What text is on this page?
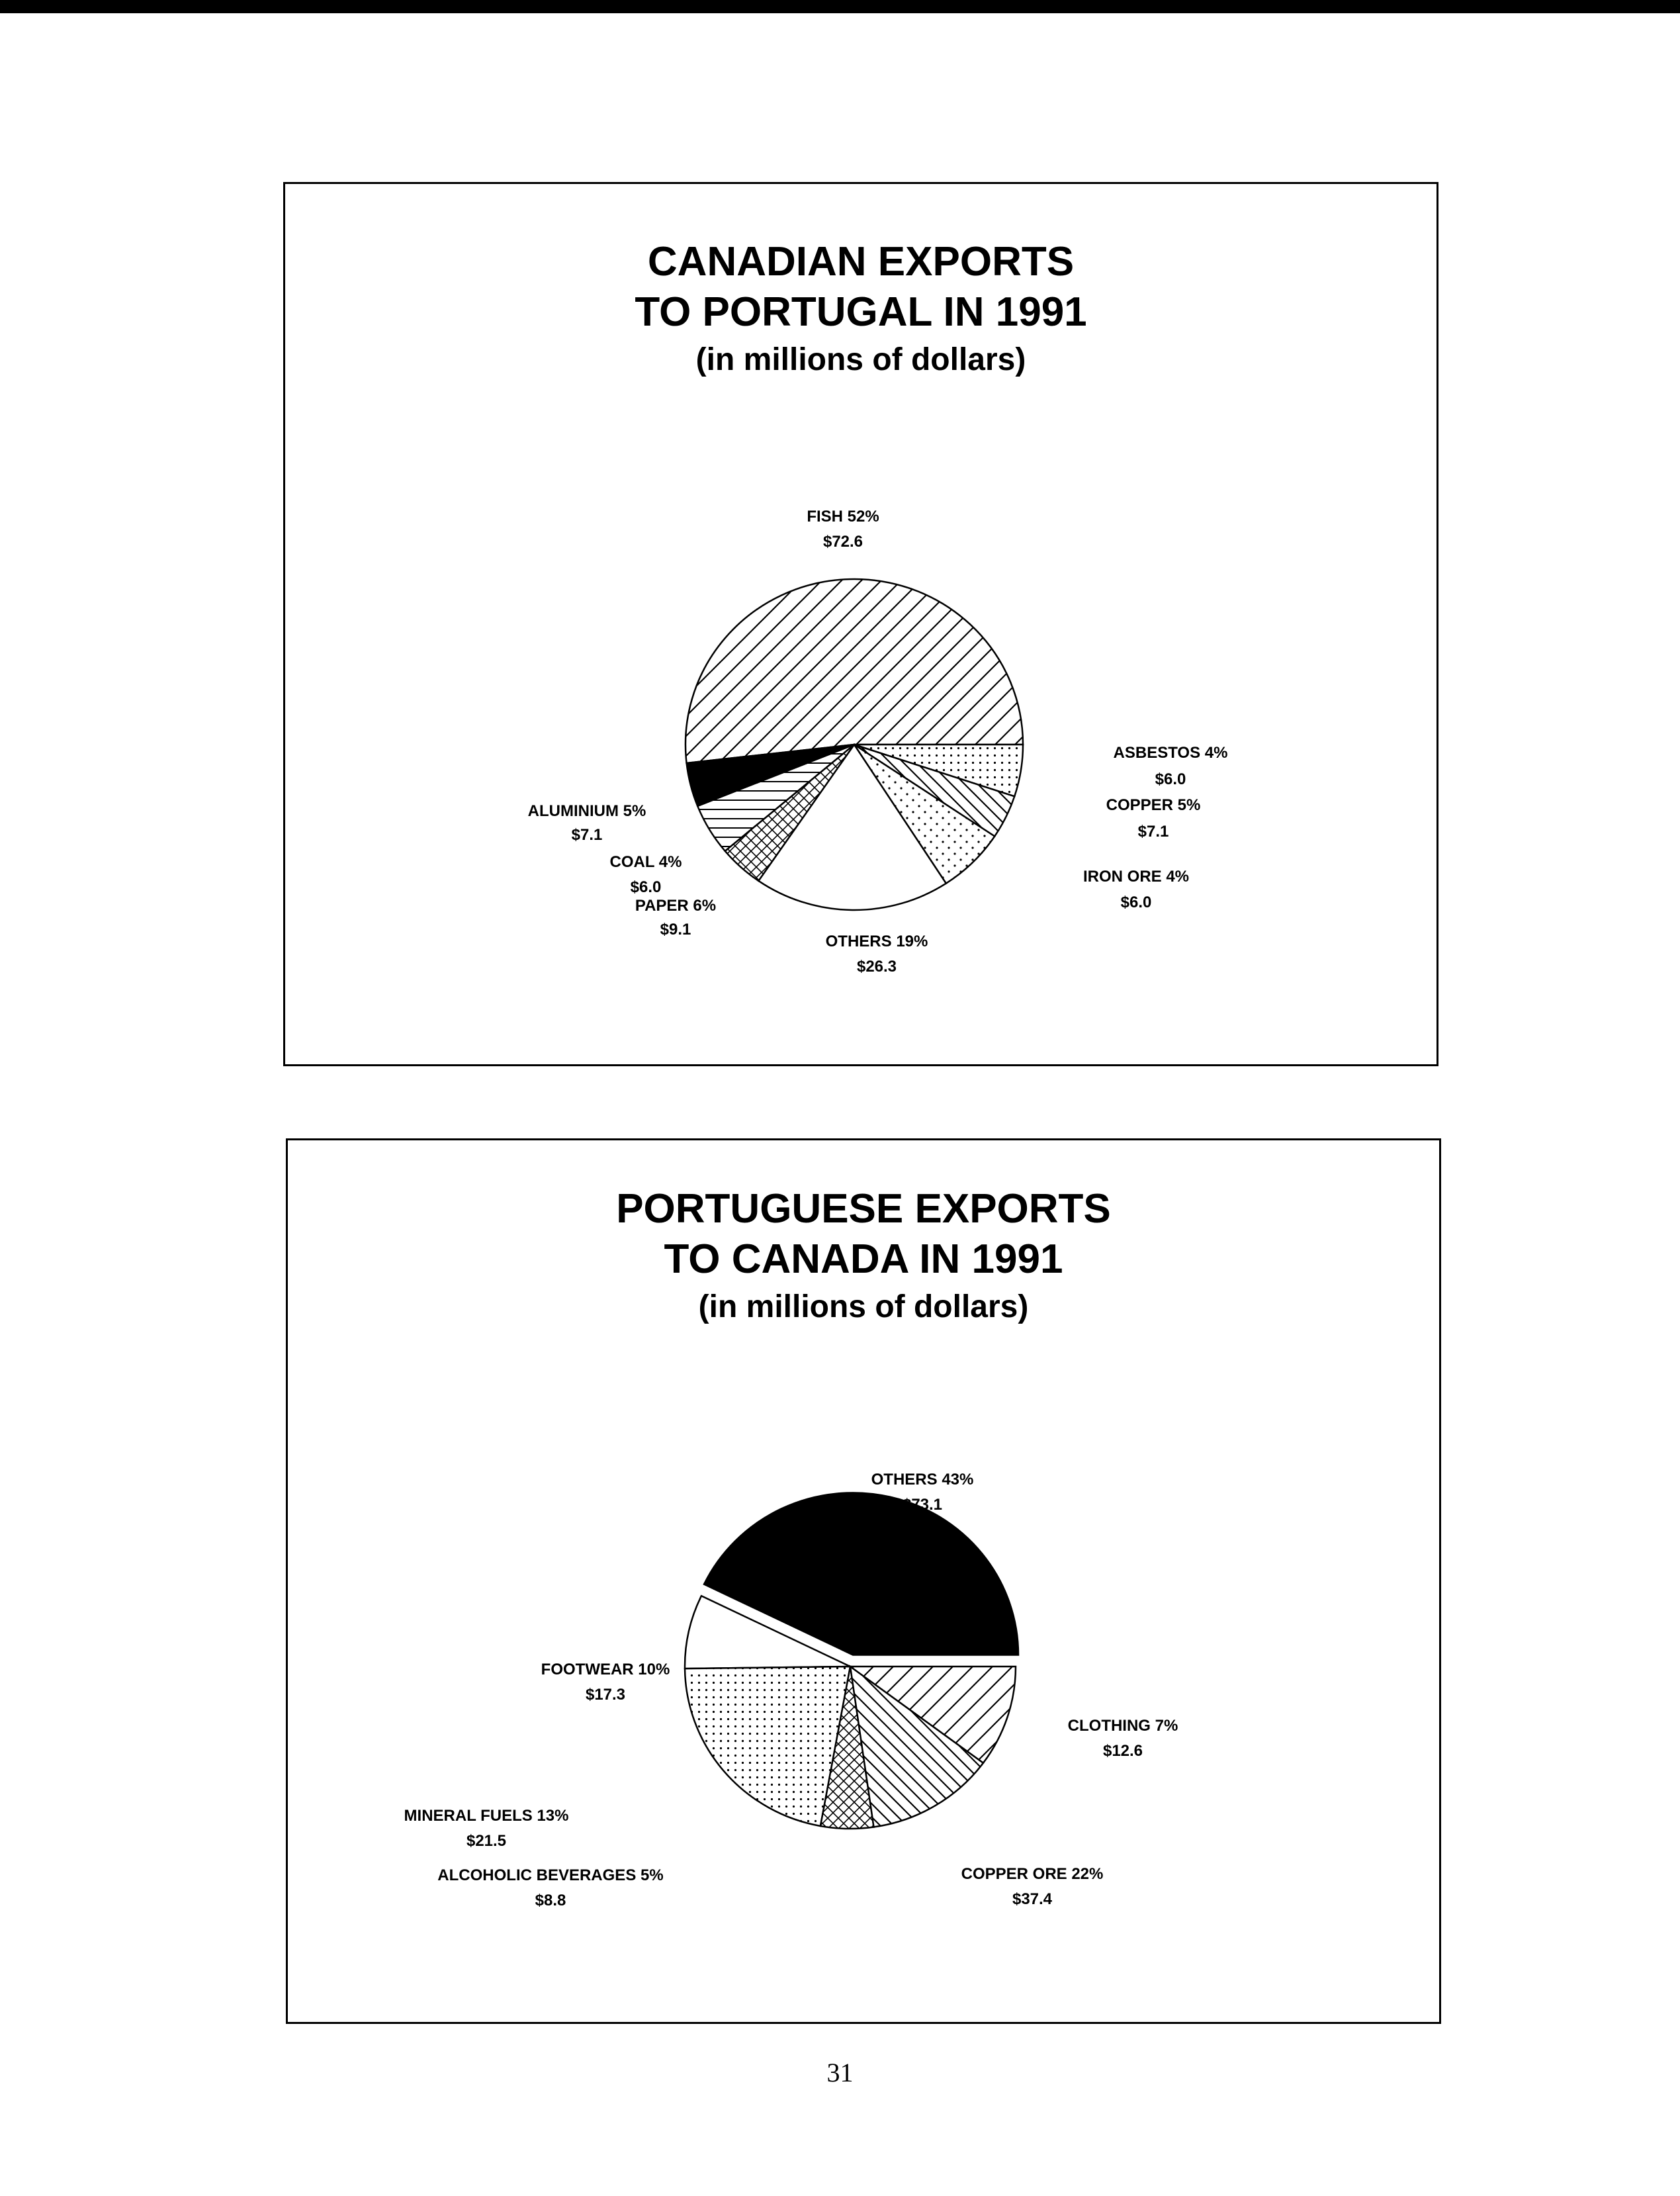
CANADIAN EXPORTS
TO PORTUGAL IN 1991
(in millions of dollars)
FISH 52%
$72.6
ASBESTOS 4%
$6.0
COPPER 5%
$7.1
IRON ORE 4%
$6.0
OTHERS 19%
$26.3
PAPER 6%
$9.1
COAL 4%
$6.0
ALUMINIUM 5%
$7.1
PORTUGUESE EXPORTS
TO CANADA IN 1991
(in millions of dollars)
OTHERS 43%
$73.1
CLOTHING 7%
$12.6
COPPER ORE 22%
$37.4
ALCOHOLIC BEVERAGES 5%
$8.8
MINERAL FUELS 13%
$21.5
FOOTWEAR 10%
$17.3
31
